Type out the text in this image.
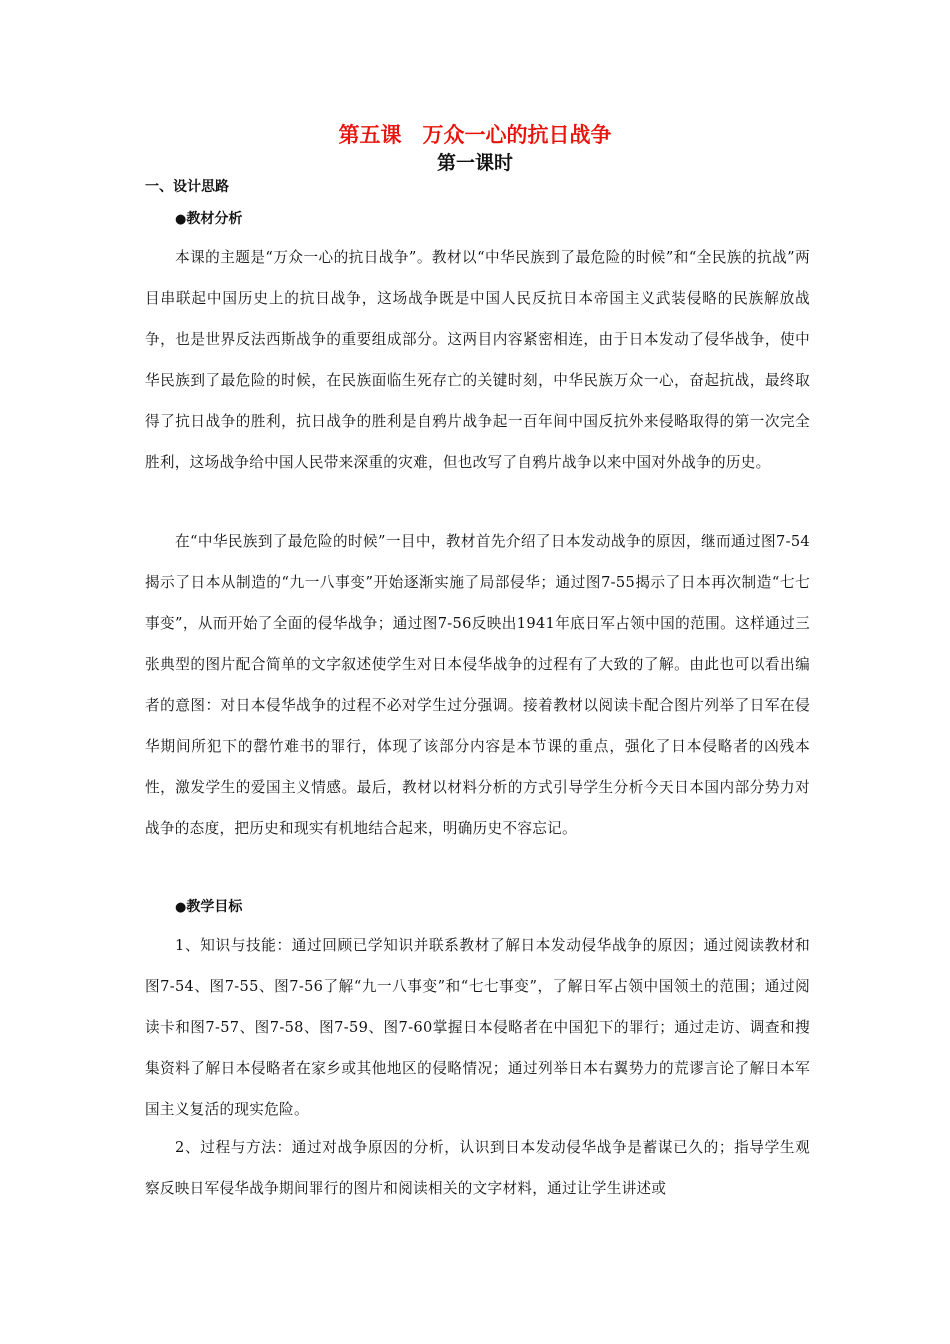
第五课　万众一心的抗日战争
第一课时
一、设计思路
●教材分析
本课的主题是“万众一心的抗日战争”。教材以“中华民族到了最危险的时候”和“全民族的抗战”两目串联起中国历史上的抗日战争，这场战争既是中国人民反抗日本帝国主义武装侵略的民族解放战争，也是世界反法西斯战争的重要组成部分。这两目内容紧密相连，由于日本发动了侵华战争，使中华民族到了最危险的时候，在民族面临生死存亡的关键时刻，中华民族万众一心，奋起抗战，最终取得了抗日战争的胜利，抗日战争的胜利是自鸦片战争起一百年间中国反抗外来侵略取得的第一次完全胜利，这场战争给中国人民带来深重的灾难，但也改写了自鸦片战争以来中国对外战争的历史。
在“中华民族到了最危险的时候”一目中，教材首先介绍了日本发动战争的原因，继而通过图7-54揭示了日本从制造的“九一八事变”开始逐渐实施了局部侵华；通过图7-55揭示了日本再次制造“七七事变”，从而开始了全面的侵华战争；通过图7-56反映出1941年底日军占领中国的范围。这样通过三张典型的图片配合简单的文字叙述使学生对日本侵华战争的过程有了大致的了解。由此也可以看出编者的意图：对日本侵华战争的过程不必对学生过分强调。接着教材以阅读卡配合图片列举了日军在侵华期间所犯下的罄竹难书的罪行，体现了该部分内容是本节课的重点，强化了日本侵略者的凶残本性，激发学生的爱国主义情感。最后，教材以材料分析的方式引导学生分析今天日本国内部分势力对战争的态度，把历史和现实有机地结合起来，明确历史不容忘记。
●教学目标
1、知识与技能：通过回顾已学知识并联系教材了解日本发动侵华战争的原因；通过阅读教材和图7-54、图7-55、图7-56了解“九一八事变”和“七七事变”，了解日军占领中国领土的范围；通过阅读卡和图7-57、图7-58、图7-59、图7-60掌握日本侵略者在中国犯下的罪行；通过走访、调查和搜集资料了解日本侵略者在家乡或其他地区的侵略情况；通过列举日本右翼势力的荒谬言论了解日本军国主义复活的现实危险。
2、过程与方法：通过对战争原因的分析，认识到日本发动侵华战争是蓄谋已久的；指导学生观察反映日军侵华战争期间罪行的图片和阅读相关的文字材料，通过让学生讲述或
